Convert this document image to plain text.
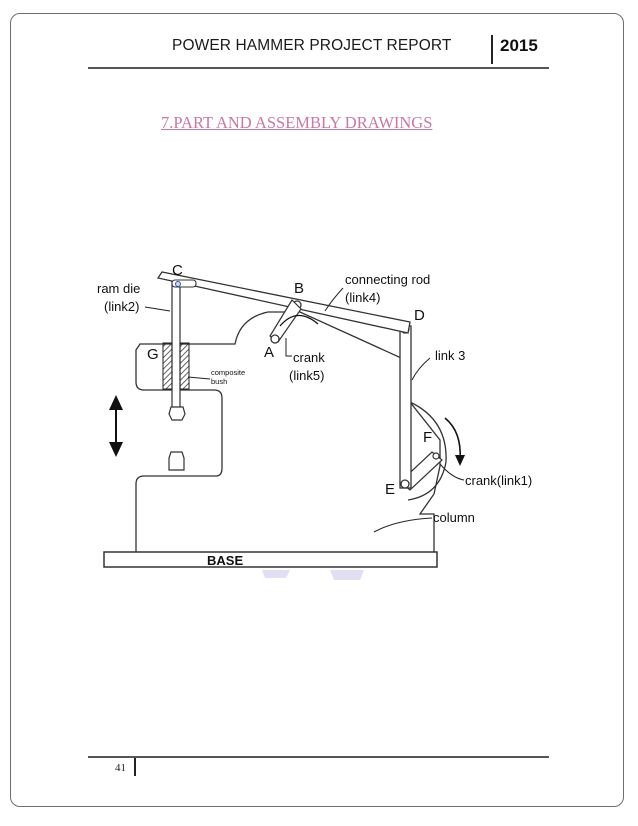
POWER HAMMER PROJECT REPORT	2015
7.PART AND ASSEMBLY DRAWINGS
C
ram die
(link2)
B
connecting rod
(link4)
D
G
composite
bush
A crank
(link5)
link 3
F
E
crank(link1)
column
BASE
41
